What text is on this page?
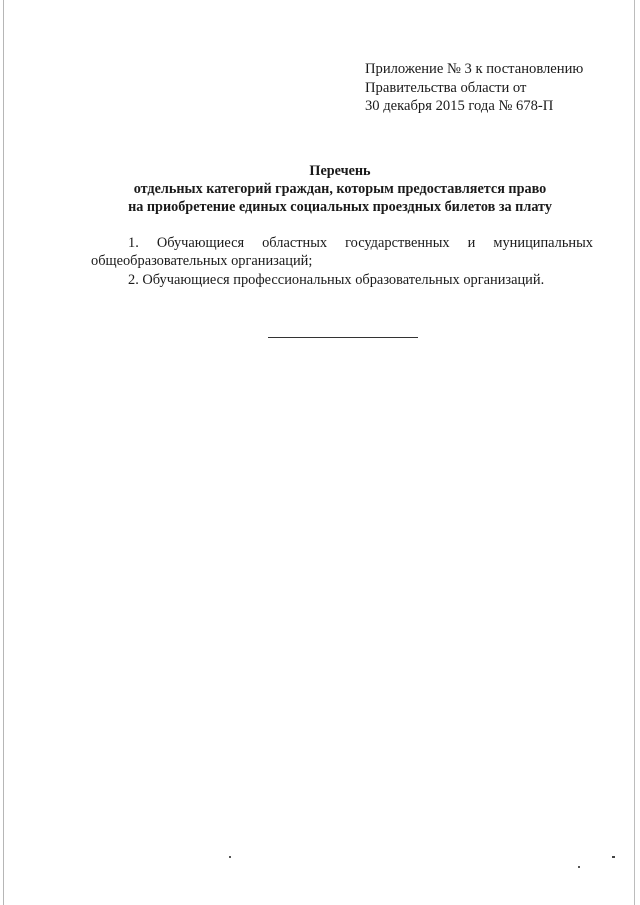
Приложение № 3 к постановлению
Правительства области от
30 декабря 2015 года № 678-П
Перечень
отдельных категорий граждан, которым предоставляется право
на приобретение единых социальных проездных билетов за плату
1. Обучающиеся областных государственных и муниципальных
общеобразовательных организаций;
2. Обучающиеся профессиональных образовательных организаций.
